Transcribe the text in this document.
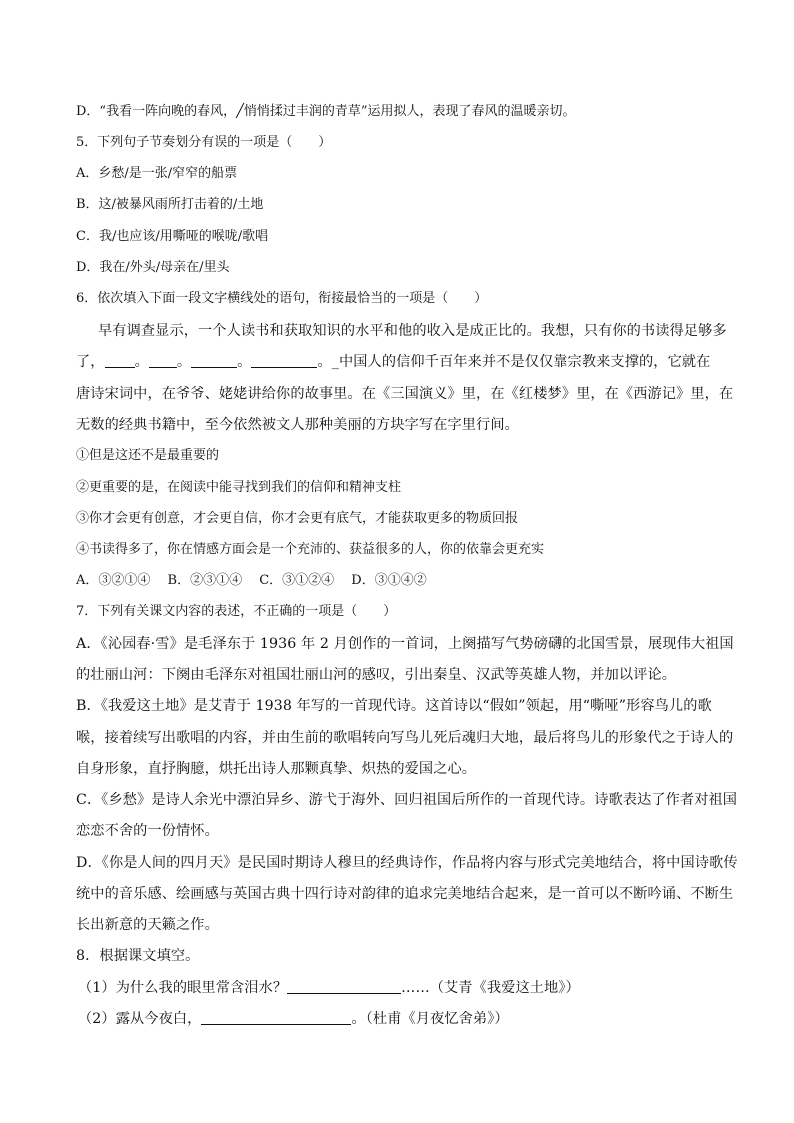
D．“我看一阵向晚的春风，╱悄悄揉过丰润的青草”运用拟人，表现了春风的温暖亲切。
5．下列句子节奏划分有误的一项是（　　）
A．乡愁/是一张/窄窄的船票
B．这/被暴风雨所打击着的/土地
C．我/也应该/用嘶哑的喉咙/歌唱
D．我在/外头/母亲在/里头
6．依次填入下面一段文字横线处的语句，衔接最恰当的一项是（　　）
早有调查显示，一个人读书和获取知识的水平和他的收入是成正比的。我想，只有你的书读得足够多
了， 。 。	。	。_中国人的信仰千百年来并不是仅仅靠宗教来支撑的，它就在
唐诗宋词中，在爷爷、姥姥讲给你的故事里。在《三国演义》里，在《红楼梦》里，在《西游记》里，在
无数的经典书籍中，至今依然被文人那种美丽的方块字写在字里行间。
①但是这还不是最重要的
②更重要的是，在阅读中能寻找到我们的信仰和精神支柱
③你才会更有创意，才会更自信，你才会更有底气，才能获取更多的物质回报
④书读得多了，你在情感方面会是一个充沛的、获益很多的人，你的依靠会更充实
A．③②①④　 B．②③①④　 C．③①②④　 D．③①④②
7．下列有关课文内容的表述，不正确的一项是（　　）
A．《沁园春·雪》是毛泽东于 1936 年 2 月创作的一首词，上阕描写气势磅礴的北国雪景，展现伟大祖国
的壮丽山河：下阕由毛泽东对祖国壮丽山河的感叹，引出秦皇、汉武等英雄人物，并加以评论。
B．《我爱这土地》是艾青于 1938 年写的一首现代诗。这首诗以“假如”领起，用“嘶哑”形容鸟儿的歌
喉，接着续写出歌唱的内容，并由生前的歌唱转向写鸟儿死后魂归大地，最后将鸟儿的形象代之于诗人的
自身形象，直抒胸臆，烘托出诗人那颗真挚、炽热的爱国之心。
C．《乡愁》是诗人余光中漂泊异乡、游弋于海外、回归祖国后所作的一首现代诗。诗歌表达了作者对祖国
恋恋不舍的一份情怀。
D．《你是人间的四月天》是民国时期诗人穆旦的经典诗作，作品将内容与形式完美地结合，将中国诗歌传
统中的音乐感、绘画感与英国古典十四行诗对韵律的追求完美地结合起来，是一首可以不断吟诵、不断生
长出新意的天籁之作。
8．根据课文填空。
（1）为什么我的眼里常含泪水？	……（艾青《我爱这土地》）
（2）露从今夜白，	。（杜甫《月夜忆舍弟》）
